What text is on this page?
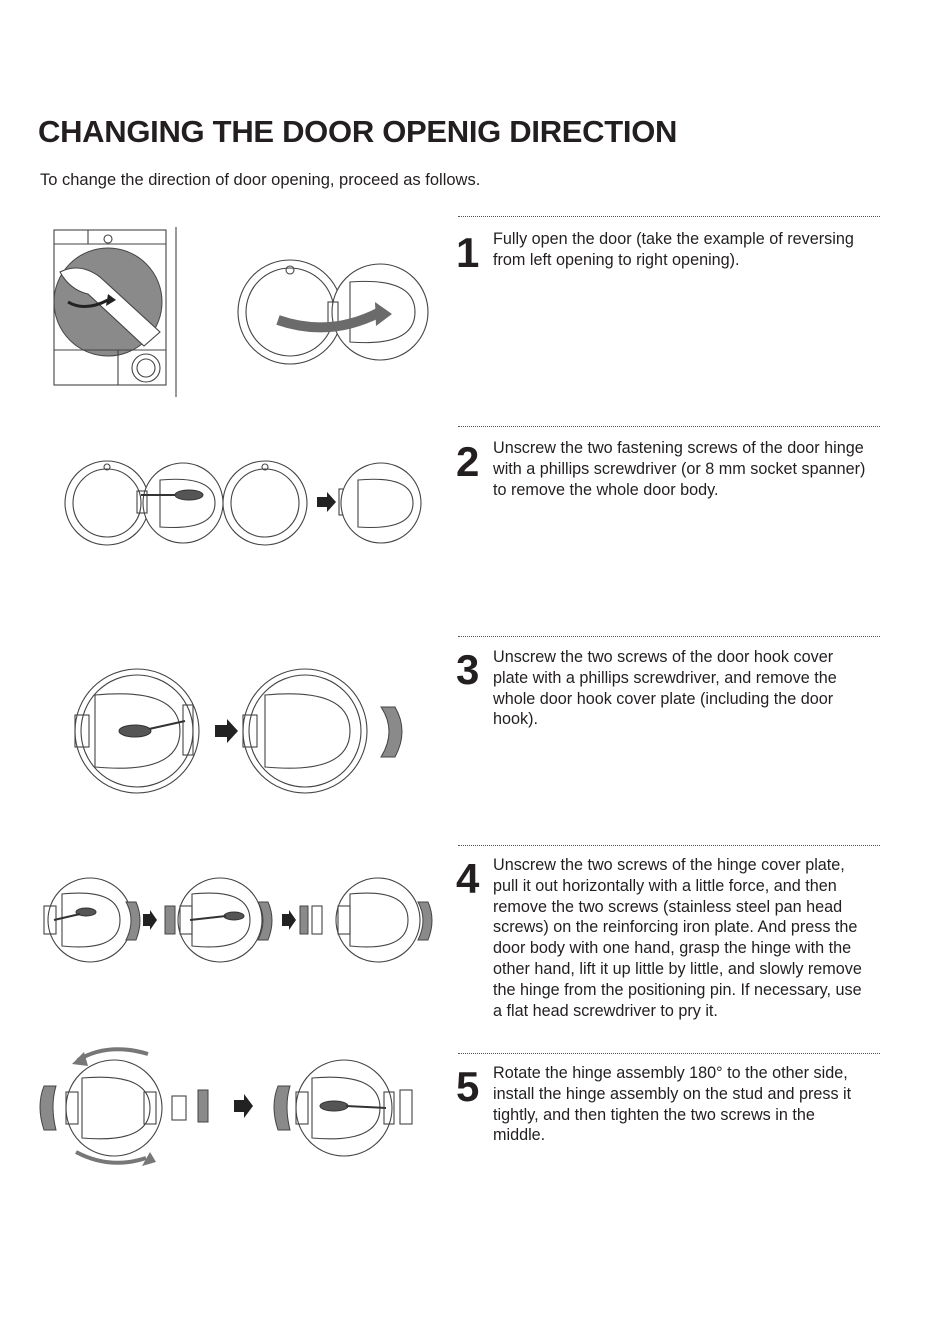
CHANGING THE DOOR OPENIG DIRECTION

To change the direction of door opening, proceed as follows.

1 Fully open the door (take the example of reversing
from left opening to right opening).
2 Unscrew the two fastening screws of the door hinge
with a phillips screwdriver (or 8 mm socket spanner)
to remove the whole door body.
3 Unscrew the two screws of the door hook cover
plate with a phillips screwdriver, and remove the
whole door hook cover plate (including the door
hook).
4 Unscrew the two screws of the hinge cover plate,
pull it out horizontally with a little force, and then
remove the two screws (stainless steel pan head
screws) on the reinforcing iron plate. And press the
door body with one hand, grasp the hinge with the
other hand, lift it up little by little, and slowly remove
the hinge from the positioning pin. If necessary, use
a flat head screwdriver to pry it.
5 Rotate the hinge assembly 180° to the other side,
install the hinge assembly on the stud and press it
tightly, and then tighten the two screws in the
middle.
